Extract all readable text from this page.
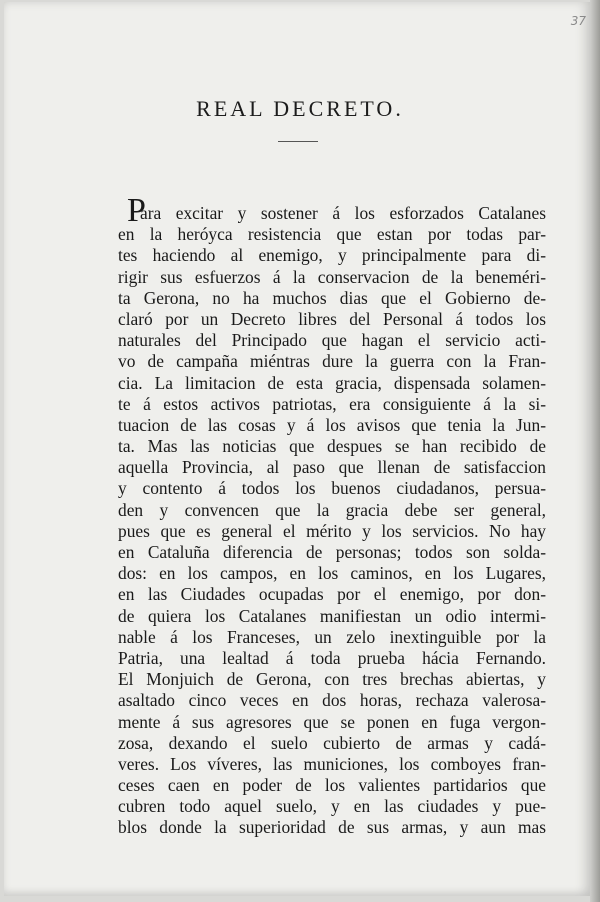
37
REAL DECRETO.
P
ara excitar y sostener á los esforzados Catalanes
en la heróyca resistencia que estan por todas par-
tes haciendo al enemigo, y principalmente para di-
rigir sus esfuerzos á la conservacion de la beneméri-
ta Gerona, no ha muchos dias que el Gobierno de-
claró por un Decreto libres del Personal á todos los
naturales del Principado que hagan el servicio acti-
vo de campaña miéntras dure la guerra con la Fran-
cia. La limitacion de esta gracia, dispensada solamen-
te á estos activos patriotas, era consiguiente á la si-
tuacion de las cosas y á los avisos que tenia la Jun-
ta. Mas las noticias que despues se han recibido de
aquella Provincia, al paso que llenan de satisfaccion
y contento á todos los buenos ciudadanos, persua-
den y convencen que la gracia debe ser general,
pues que es general el mérito y los servicios. No hay
en Cataluña diferencia de personas; todos son solda-
dos: en los campos, en los caminos, en los Lugares,
en las Ciudades ocupadas por el enemigo, por don-
de quiera los Catalanes manifiestan un odio intermi-
nable á los Franceses, un zelo inextinguible por la
Patria, una lealtad á toda prueba hácia Fernando.
El Monjuich de Gerona, con tres brechas abiertas, y
asaltado cinco veces en dos horas, rechaza valerosa-
mente á sus agresores que se ponen en fuga vergon-
zosa, dexando el suelo cubierto de armas y cadá-
veres. Los víveres, las municiones, los comboyes fran-
ceses caen en poder de los valientes partidarios que
cubren todo aquel suelo, y en las ciudades y pue-
blos donde la superioridad de sus armas, y aun mas
